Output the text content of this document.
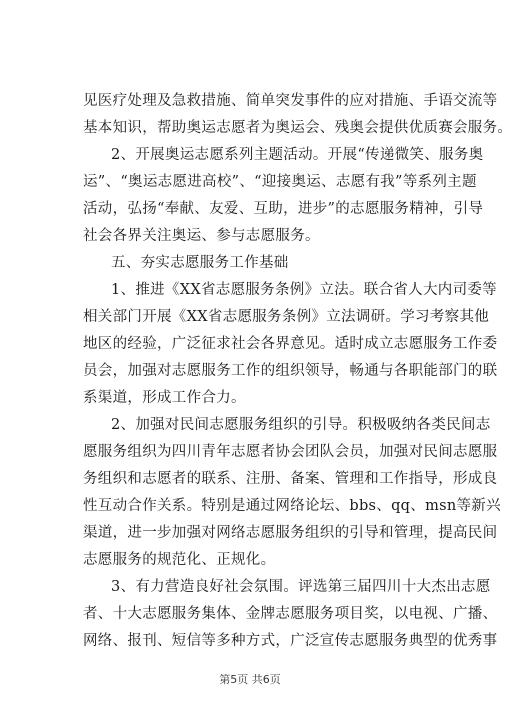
见医疗处理及急救措施、简单突发事件的应对措施、手语交流等
基本知识，帮助奥运志愿者为奥运会、残奥会提供优质赛会服务。
2、开展奥运志愿系列主题活动。开展“传递微笑、服务奥
运”、“奥运志愿进高校”、“迎接奥运、志愿有我”等系列主题
活动，弘扬“奉献、友爱、互助，进步”的志愿服务精神，引导
社会各界关注奥运、参与志愿服务。
五、夯实志愿服务工作基础
1、推进《XX省志愿服务条例》立法。联合省人大内司委等
相关部门开展《XX省志愿服务条例》立法调研。学习考察其他
地区的经验，广泛征求社会各界意见。适时成立志愿服务工作委
员会，加强对志愿服务工作的组织领导，畅通与各职能部门的联
系渠道，形成工作合力。
2、加强对民间志愿服务组织的引导。积极吸纳各类民间志
愿服务组织为四川青年志愿者协会团队会员，加强对民间志愿服
务组织和志愿者的联系、注册、备案、管理和工作指导，形成良
性互动合作关系。特别是通过网络论坛、bbs、qq、msn等新兴
渠道，进一步加强对网络志愿服务组织的引导和管理，提高民间
志愿服务的规范化、正规化。
3、有力营造良好社会氛围。评选第三届四川十大杰出志愿
者、十大志愿服务集体、金牌志愿服务项目奖，以电视、广播、
网络、报刊、短信等多种方式，广泛宣传志愿服务典型的优秀事
第5页 共6页
